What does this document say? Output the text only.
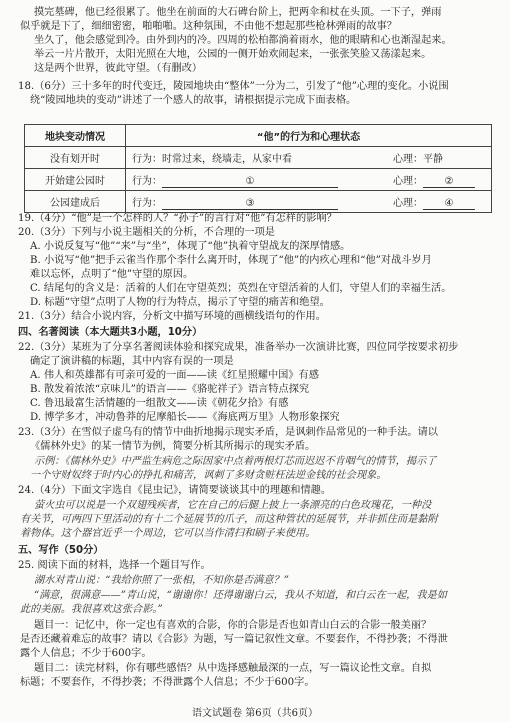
摸完墓碑，他已经很累了。他坐在前面的大石碑台阶上，把两伞和杖在头顶。一下子，弹雨
似乎就是下了，细细密密，啪啪啪。这种氛围，不由他不想起那些枪林弹雨的故事？
坐久了，他会感觉到冷。由外到内的冷。四周的松柏都淌着雨水，他的眼睛和心也渐湿起来。
举云一片片散开，太阳光照在大地，公园的一侧开始欢闹起来，一张张笑脸又荡漾起来。
这是两个世界，彼此守望。（有删改）
18.（6分）三十多年的时代变迁，陵园地块由“整体”一分为二，引发了“他”心理的变化。小说围
绕“陵园地块的变动”讲述了一个感人的故事，请根据提示完成下面表格。
地块变动情况	“他”的行为和心理状态
没有划开时	行为：时常过来，绕墙走，从家中看 心理：平静

开始建公园时	行为： ① 心理： ②

公园建成后	行为： ③ 心理： ④
19.（4分）“他”是一个怎样的人？“孙子”的言行对“他”有怎样的影响？
20.（3分）下列与小说主题相关的分析，不合理的一项是
A. 小说反复写“他”“来”与“坐”，体现了“他”执着守望战友的深厚情感。
B. 小说写“他”把手云雀当作那个李什么离开时，体现了“他”的内疚心理和“他”对战斗岁月
难以忘怀，点明了“他”守望的原因。
C. 结尾句的含义是：活着的人们在守望英烈；英烈在守望活着的人们，守望人们的幸福生活。
D. 标题“守望”点明了人物的行为特点，揭示了守望的痛苦和绝望。
21.（3分）结合小说内容，分析文中描写环境的画横线语句的作用。
四、名著阅读（本大题共3小题，10分）
22.（3分）某班为了分享名著阅读体验和探究成果，准备举办一次演讲比赛，四位同学按要求初步
确定了演讲稿的标题，其中内容有误的一项是
A. 伟人和英雄都有可亲可爱的一面——读《红星照耀中国》有感
B. 散发着浓浓“京味儿”的语言——《骆驼祥子》语言特点探究
C. 鲁迅最富生活情趣的一组散文——读《朝花夕拾》有感
D. 博学多才，冲动鲁莽的尼摩船长——《海底两万里》人物形象探究
23.（3分）在雪似子虚乌有的情节中曲折地揭示现实矛盾，是讽刺作品常见的一种手法。请以
《儒林外史》的某一情节为例，简要分析其所揭示的现实矛盾。
示例：《儒林外史》中严监生病危之际因家中点着两根灯芯而迟迟不肯咽气的情节，揭示了
一个守财奴终于时内心的挣扎和痛苦，讽刺了多财贪赃枉法逆金钱的社会现象。
24.（4分）下面文字选自《昆虫记》，请简要谈谈其中的理趣和情趣。
萤火虫可以说是一个双翅残疾者，它在自己的后腿上披上一条漂亮的白色玫瑰花，一种没
有关节，可两四下里活动的有十二个延展节的爪子，而这种管状的延展节，并非抓住而是黏附
着物体。这个器官近乎一个周边，它可以当作清扫和刷子来使用。
五、写作（50分）
25. 阅读下面的材料，选择一个题目写作。
湖水对青山说：“我给你照了一张相，不知你是否满意？”
“满意，很满意——”青山说，“谢谢你！还得谢谢白云，我从不知道，和白云在一起，我是如
此的美丽。我很喜欢这张合影。”
题目一：记忆中，你一定也有喜欢的合影，你的合影是否也如青山白云的合影一般美丽？
是否还藏着难忘的故事？请以《合影》为题，写一篇记叙性文章。不要套作，不得抄袭；不得泄
露个人信息；不少于600字。
题目二：读完材料，你有哪些感悟？从中选择感触最深的一点，写一篇议论性文章。自拟
标题；不要套作，不得抄袭；不得泄露个人信息；不少于600字。
语文试题卷 第6页（共6页）
